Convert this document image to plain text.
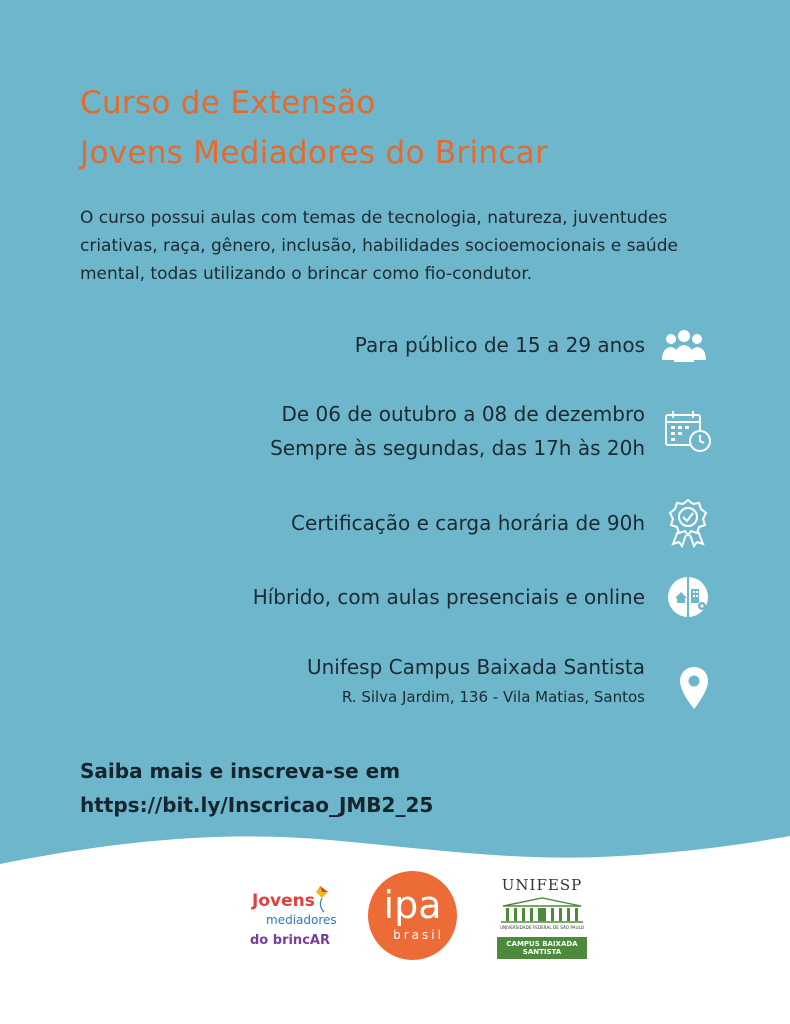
Curso de Extensão
Jovens Mediadores do Brincar
O curso possui aulas com temas de tecnologia, natureza, juventudes
criativas, raça, gênero, inclusão, habilidades socioemocionais e saúde
mental, todas utilizando o brincar como fio-condutor.
Para público de 15 a 29 anos
De 06 de outubro a 08 de dezembro
Sempre às segundas, das 17h às 20h
Certificação e carga horária de 90h
Híbrido, com aulas presenciais e online
Unifesp Campus Baixada Santista
R. Silva Jardim, 136 - Vila Matias, Santos
Saiba mais e inscreva-se em
https://bit.ly/Inscricao_JMB2_25
Jovens
mediadores
do brincAR
ipa
brasil
UNIFESP
UNIVERSIDADE FEDERAL DE SÃO PAULO
CAMPUS BAIXADA SANTISTA
